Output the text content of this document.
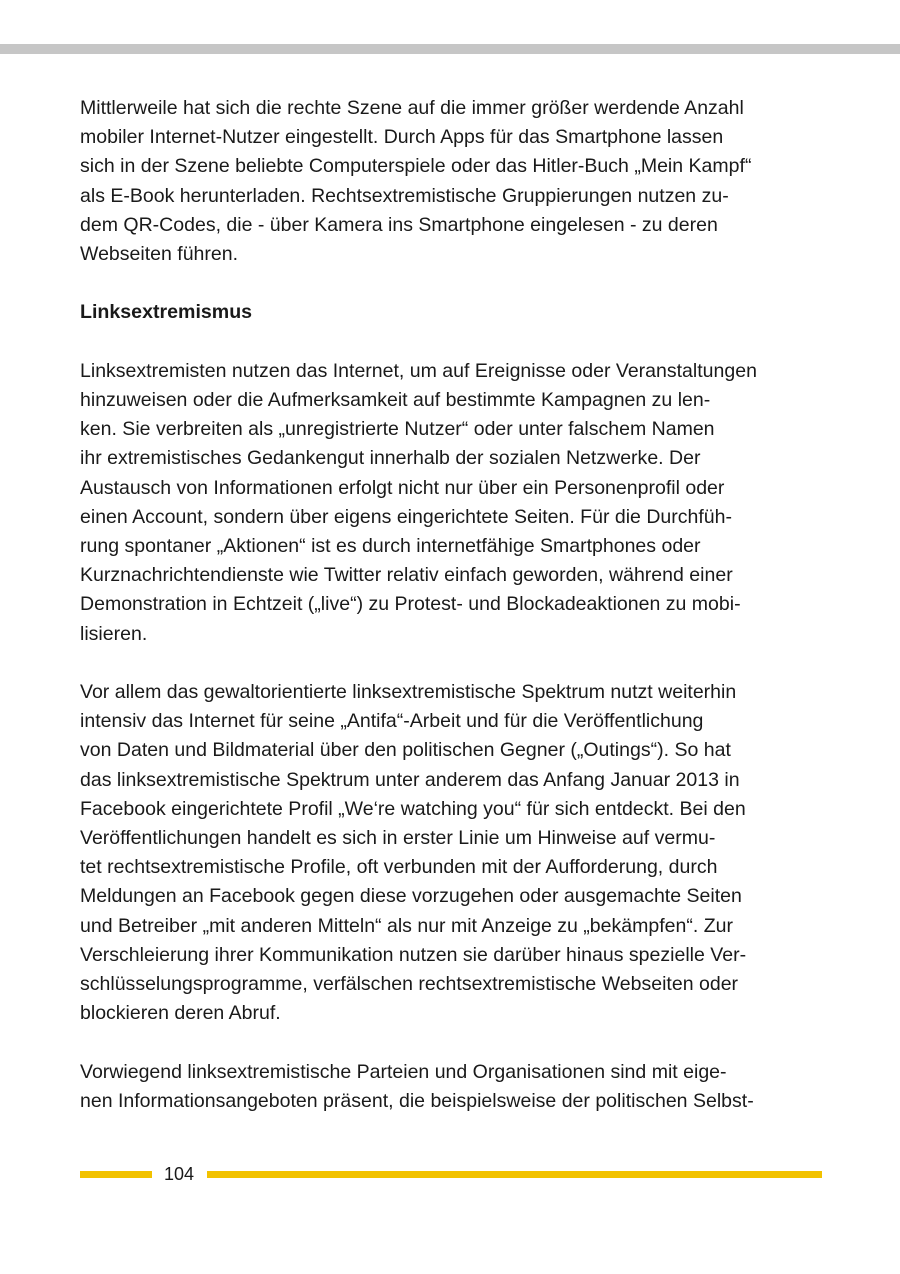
Mittlerweile hat sich die rechte Szene auf die immer größer werdende Anzahl
mobiler Internet-Nutzer eingestellt. Durch Apps für das Smartphone lassen
sich in der Szene beliebte Computerspiele oder das Hitler-Buch „Mein Kampf“
als E-Book herunterladen. Rechtsextremistische Gruppierungen nutzen zu-
dem QR-Codes, die - über Kamera ins Smartphone eingelesen - zu deren
Webseiten führen.

Linksextremismus

Linksextremisten nutzen das Internet, um auf Ereignisse oder Veranstaltungen
hinzuweisen oder die Aufmerksamkeit auf bestimmte Kampagnen zu len-
ken. Sie verbreiten als „unregistrierte Nutzer“ oder unter falschem Namen
ihr extremistisches Gedankengut innerhalb der sozialen Netzwerke. Der
Austausch von Informationen erfolgt nicht nur über ein Personenprofil oder
einen Account, sondern über eigens eingerichtete Seiten. Für die Durchfüh-
rung spontaner „Aktionen“ ist es durch internetfähige Smartphones oder
Kurznachrichtendienste wie Twitter relativ einfach geworden, während einer
Demonstration in Echtzeit („live“) zu Protest- und Blockadeaktionen zu mobi-
lisieren.

Vor allem das gewaltorientierte linksextremistische Spektrum nutzt weiterhin
intensiv das Internet für seine „Antifa“-Arbeit und für die Veröffentlichung
von Daten und Bildmaterial über den politischen Gegner („Outings“). So hat
das linksextremistische Spektrum unter anderem das Anfang Januar 2013 in
Facebook eingerichtete Profil „We‘re watching you“ für sich entdeckt. Bei den
Veröffentlichungen handelt es sich in erster Linie um Hinweise auf vermu-
tet rechtsextremistische Profile, oft verbunden mit der Aufforderung, durch
Meldungen an Facebook gegen diese vorzugehen oder ausgemachte Seiten
und Betreiber „mit anderen Mitteln“ als nur mit Anzeige zu „bekämpfen“. Zur
Verschleierung ihrer Kommunikation nutzen sie darüber hinaus spezielle Ver-
schlüsselungsprogramme, verfälschen rechtsextremistische Webseiten oder
blockieren deren Abruf.

Vorwiegend linksextremistische Parteien und Organisationen sind mit eige-
nen Informationsangeboten präsent, die beispielsweise der politischen Selbst-

104
